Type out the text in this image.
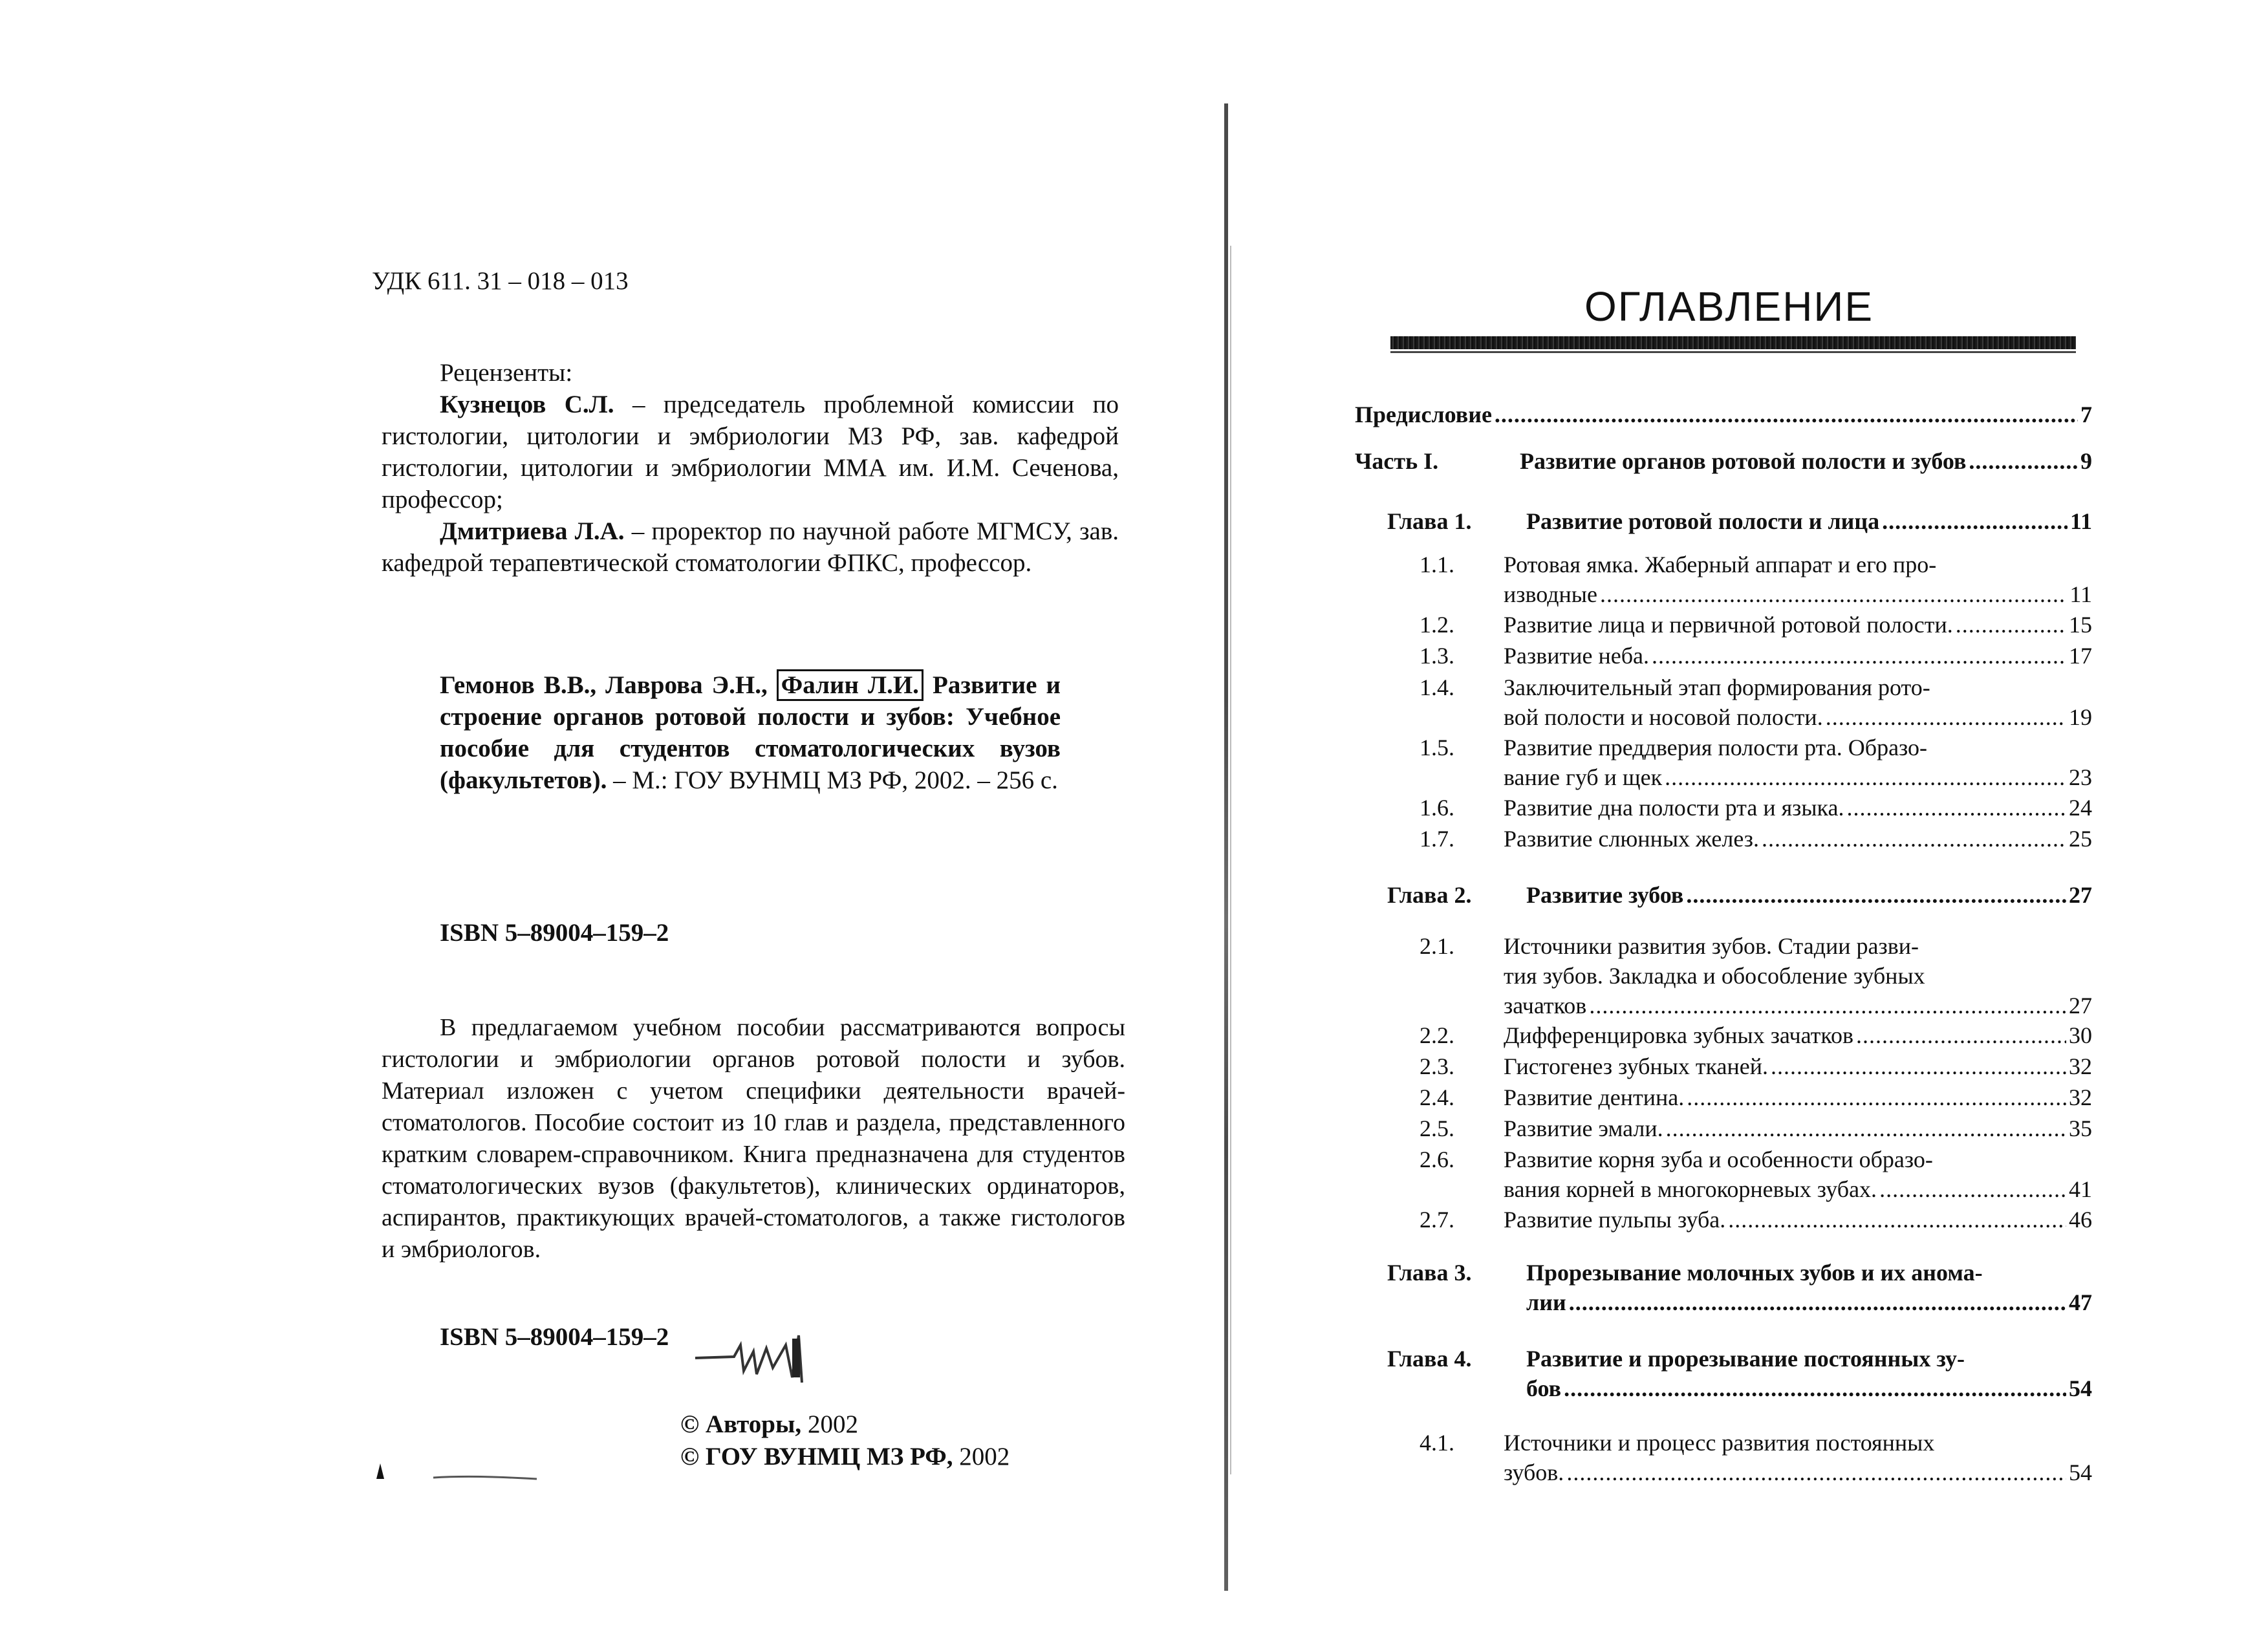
УДК 611. 31 – 018 – 013
Рецензенты:

Кузнецов С.Л. – председатель проблемной комиссии по гистологии, цитологии и эмбриологии МЗ РФ, зав. кафедрой гистологии, цитологии и эмбриологии ММА им. И.М. Сеченова, профессор;

Дмитриева Л.А. – проректор по научной работе МГМСУ, зав. кафедрой терапевтической стоматологии ФПКС, профессор.

Гемонов В.В., Лаврова Э.Н., Фалин Л.И. Развитие и строение органов ротовой полости и зубов: Учебное пособие для студентов стоматологических вузов (факультетов). – М.: ГОУ ВУНМЦ МЗ РФ, 2002. – 256 с.
ISBN 5–89004–159–2

В предлагаемом учебном пособии рассматриваются вопросы гистологии и эмбриологии органов ротовой полости и зубов. Материал изложен с учетом специфики деятельности врачей-стоматологов. Пособие состоит из 10 глав и раздела, представленного кратким словарем-справочником. Книга предназначена для студентов стоматологических вузов (факультетов), клинических ординаторов, аспирантов, практикующих врачей-стоматологов, а также гистологов и эмбриологов.

ISBN 5–89004–159–2
© Авторы, 2002
© ГОУ ВУНМЦ МЗ РФ, 2002
ОГЛАВЛЕНИЕ
Предисловие	7
.....
Часть I.	Развитие органов ротовой полости и зубов	9
.....
Глава 1. Развитие ротовой полости и лица	11
.....
1.1. Ротовая ямка. Жаберный аппарат и его про-
изводные	11
.....
1.2. Развитие лица и первичной ротовой полости.	15
.....
1.3. Развитие неба.	17
.....
1.4. Заключительный этап формирования рото-
вой полости и носовой полости.	19
.....
1.5. Развитие преддверия полости рта. Образо-
вание губ и щек	23
.....
1.6. Развитие дна полости рта и языка.	24
.....
1.7. Развитие слюнных желез.	25
.....
Глава 2. Развитие зубов	27
.....
2.1. Источники развития зубов. Стадии разви-
тия зубов. Закладка и обособление зубных
зачатков	27
.....
2.2. Дифференцировка зубных зачатков	30
.....
2.3. Гистогенез зубных тканей.	32
.....
2.4. Развитие дентина.	32
.....
2.5. Развитие эмали.	35
.....
2.6. Развитие корня зуба и особенности образо-
вания корней в многокорневых зубах.	41
.....
2.7. Развитие пульпы зуба.	46
.....
Глава 3. Прорезывание молочных зубов и их анома-
лии	47
.....
Глава 4. Развитие и прорезывание постоянных зу-
бов	54
.....
4.1. Источники и процесс развития постоянных
зубов.	54
.....
